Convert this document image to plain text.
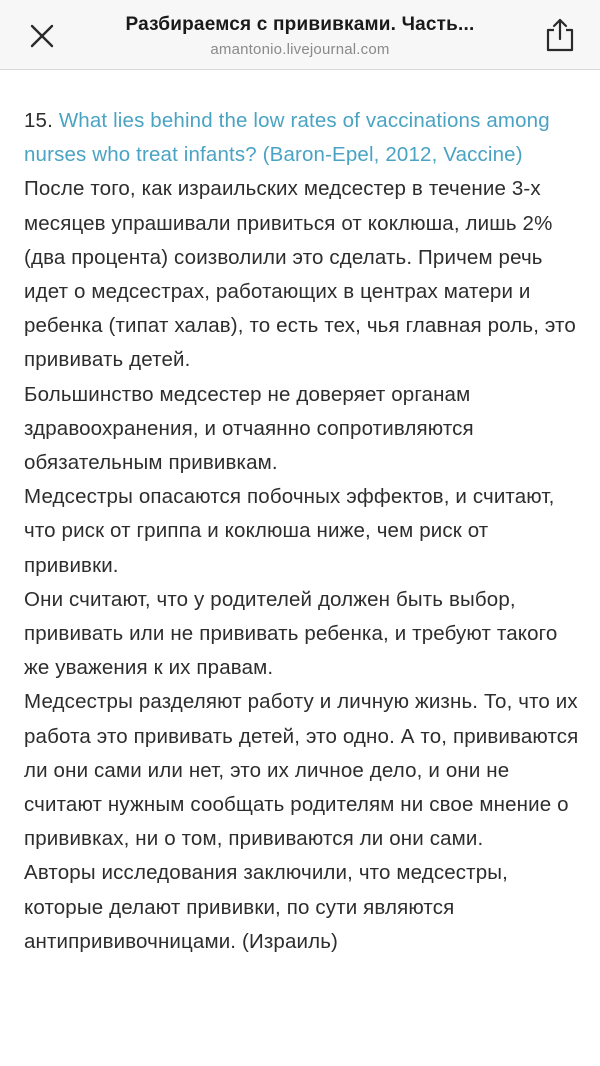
Разбираемся с прививками. Часть...
amantonio.livejournal.com

15. What lies behind the low rates of vaccinations among nurses who treat infants? (Baron-Epel, 2012, Vaccine)

После того, как израильских медсестер в течение 3-х месяцев упрашивали привиться от коклюша, лишь 2% (два процента) соизволили это сделать. Причем речь идет о медсестрах, работающих в центрах матери и ребенка (типат халав), то есть тех, чья главная роль, это прививать детей.

Большинство медсестер не доверяет органам здравоохранения, и отчаянно сопротивляются обязательным прививкам.

Медсестры опасаются побочных эффектов, и считают, что риск от гриппа и коклюша ниже, чем риск от прививки.

Они считают, что у родителей должен быть выбор, прививать или не прививать ребенка, и требуют такого же уважения к их правам.

Медсестры разделяют работу и личную жизнь. То, что их работа это прививать детей, это одно. А то, прививаются ли они сами или нет, это их личное дело, и они не считают нужным сообщать родителям ни свое мнение о прививках, ни о том, прививаются ли они сами.

Авторы исследования заключили, что медсестры, которые делают прививки, по сути являются антипрививочницами. (Израиль)
